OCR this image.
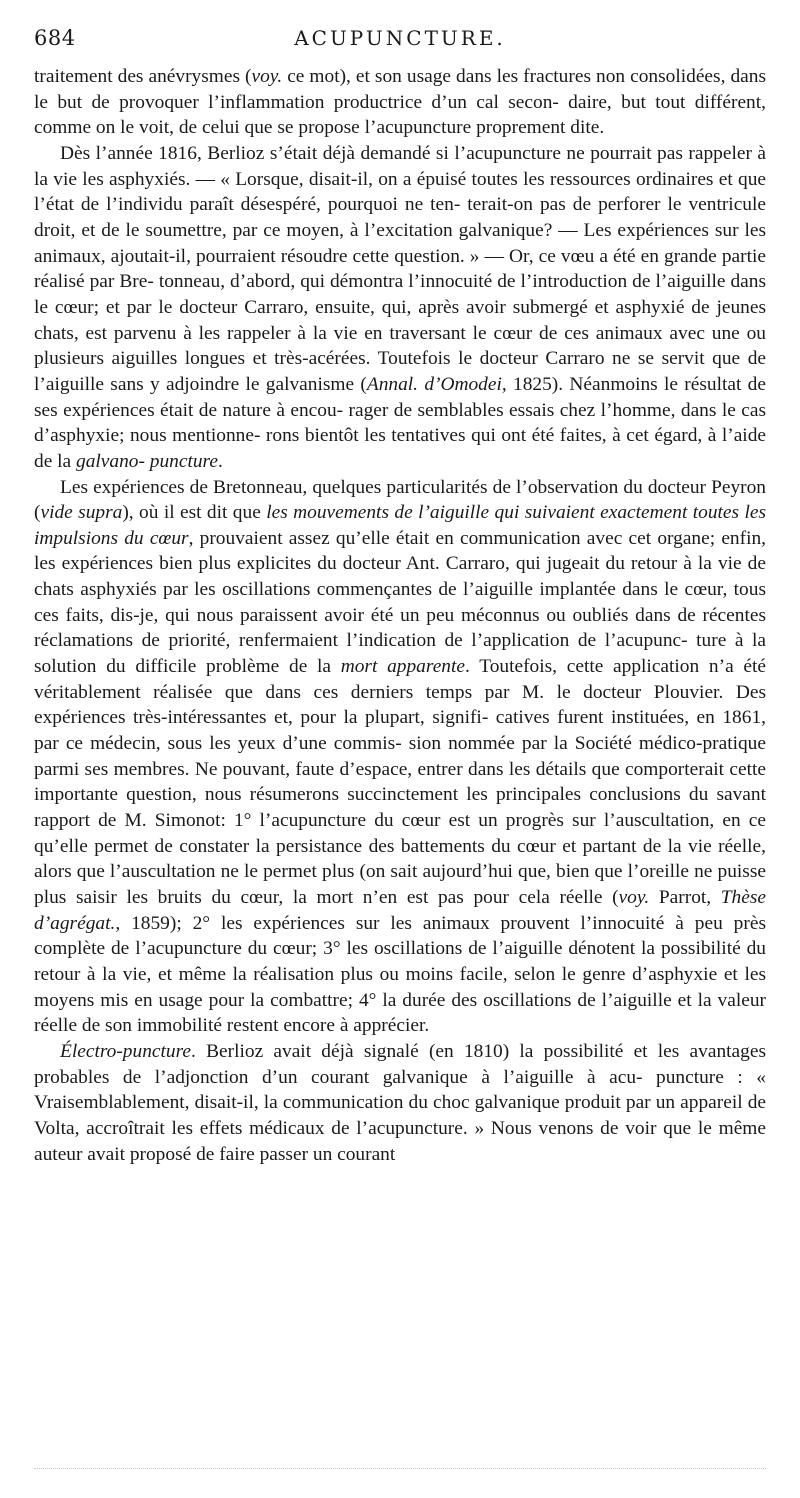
684	ACUPUNCTURE.

traitement des anévrysmes (voy. ce mot), et son usage dans les fractures non consolidées, dans le but de provoquer l’inflammation productrice d’un cal secon- daire, but tout différent, comme on le voit, de celui que se propose l’acupuncture proprement dite.

Dès l’année 1816, Berlioz s’était déjà demandé si l’acupuncture ne pourrait pas rappeler à la vie les asphyxiés. — « Lorsque, disait-il, on a épuisé toutes les ressources ordinaires et que l’état de l’individu paraît désespéré, pourquoi ne ten- terait-on pas de perforer le ventricule droit, et de le soumettre, par ce moyen, à l’excitation galvanique? — Les expériences sur les animaux, ajoutait-il, pourraient résoudre cette question. » — Or, ce vœu a été en grande partie réalisé par Bre- tonneau, d’abord, qui démontra l’innocuité de l’introduction de l’aiguille dans le cœur; et par le docteur Carraro, ensuite, qui, après avoir submergé et asphyxié de jeunes chats, est parvenu à les rappeler à la vie en traversant le cœur de ces animaux avec une ou plusieurs aiguilles longues et très-acérées. Toutefois le docteur Carraro ne se servit que de l’aiguille sans y adjoindre le galvanisme (Annal. d’Omodei, 1825). Néanmoins le résultat de ses expériences était de nature à encou- rager de semblables essais chez l’homme, dans le cas d’asphyxie; nous mentionne- rons bientôt les tentatives qui ont été faites, à cet égard, à l’aide de la galvano- puncture.

Les expériences de Bretonneau, quelques particularités de l’observation du docteur Peyron (vide supra), où il est dit que les mouvements de l’aiguille qui suivaient exactement toutes les impulsions du cœur, prouvaient assez qu’elle était en communication avec cet organe; enfin, les expériences bien plus explicites du docteur Ant. Carraro, qui jugeait du retour à la vie de chats asphyxiés par les oscillations commençantes de l’aiguille implantée dans le cœur, tous ces faits, dis-je, qui nous paraissent avoir été un peu méconnus ou oubliés dans de récentes réclamations de priorité, renfermaient l’indication de l’application de l’acupunc- ture à la solution du difficile problème de la mort apparente. Toutefois, cette application n’a été véritablement réalisée que dans ces derniers temps par M. le docteur Plouvier. Des expériences très-intéressantes et, pour la plupart, signifi- catives furent instituées, en 1861, par ce médecin, sous les yeux d’une commis- sion nommée par la Société médico-pratique parmi ses membres. Ne pouvant, faute d’espace, entrer dans les détails que comporterait cette importante question, nous résumerons succinctement les principales conclusions du savant rapport de M. Simonot: 1° l’acupuncture du cœur est un progrès sur l’auscultation, en ce qu’elle permet de constater la persistance des battements du cœur et partant de la vie réelle, alors que l’auscultation ne le permet plus (on sait aujourd’hui que, bien que l’oreille ne puisse plus saisir les bruits du cœur, la mort n’en est pas pour cela réelle (voy. Parrot, Thèse d’agrégat., 1859); 2° les expériences sur les animaux prouvent l’innocuité à peu près complète de l’acupuncture du cœur; 3° les oscillations de l’aiguille dénotent la possibilité du retour à la vie, et même la réalisation plus ou moins facile, selon le genre d’asphyxie et les moyens mis en usage pour la combattre; 4° la durée des oscillations de l’aiguille et la valeur réelle de son immobilité restent encore à apprécier.

Électro-puncture. Berlioz avait déjà signalé (en 1810) la possibilité et les avantages probables de l’adjonction d’un courant galvanique à l’aiguille à acu- puncture : « Vraisemblablement, disait-il, la communication du choc galvanique produit par un appareil de Volta, accroîtrait les effets médicaux de l’acupuncture. » Nous venons de voir que le même auteur avait proposé de faire passer un courant
